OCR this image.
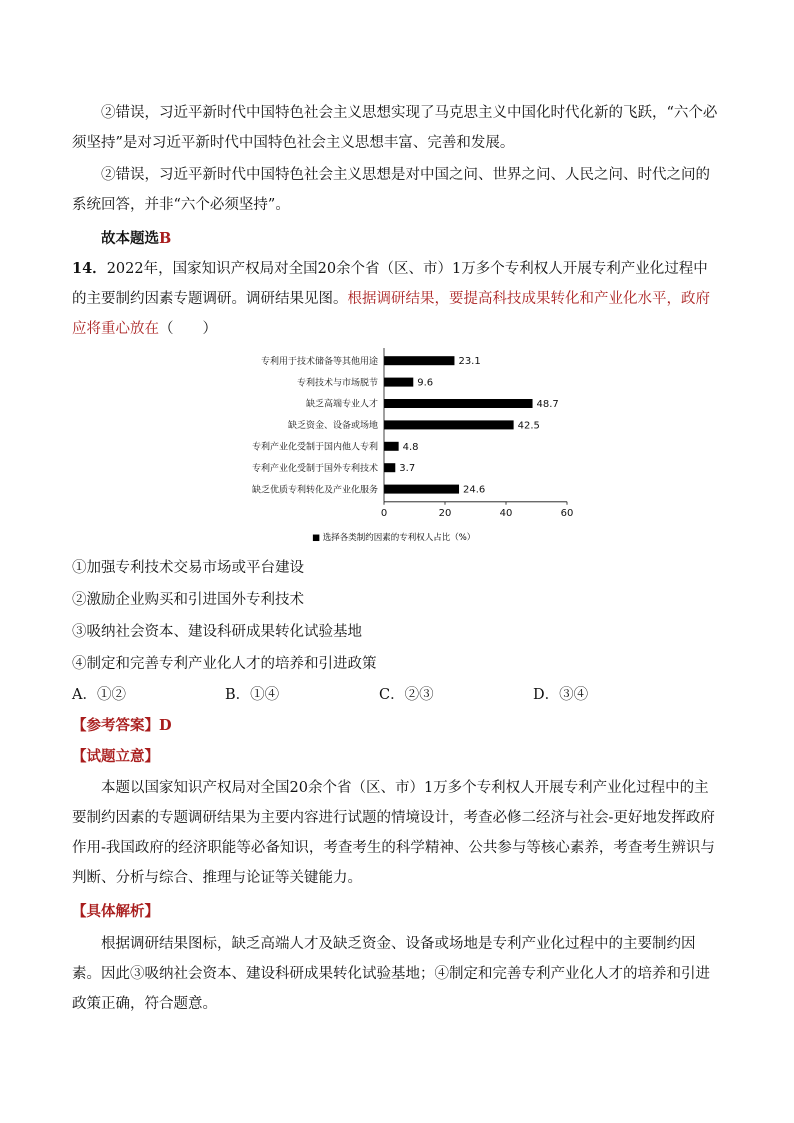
②错误，习近平新时代中国特色社会主义思想实现了马克思主义中国化时代化新的飞跃，“六个必须坚持”是对习近平新时代中国特色社会主义思想丰富、完善和发展。

②错误，习近平新时代中国特色社会主义思想是对中国之问、世界之问、人民之问、时代之问的系统回答，并非“六个必须坚持”。

故本题选B

14．2022年，国家知识产权局对全国20余个省（区、市）1万多个专利权人开展专利产业化过程中的主要制约因素专题调研。调研结果见图。根据调研结果，要提高科技成果转化和产业化水平，政府应将重心放在（　　）

专利用于技术储备等其他用途
专利技术与市场脱节
缺乏高端专业人才
缺乏资金、设备或场地
专利产业化受制于国内他人专利
专利产业化受制于国外专利技术
缺乏优质专利转化及产业化服务
23.1
9.6
48.7
42.5
4.8
3.7
24.6
0	20	40	60
■ 选择各类制约因素的专利权人占比（%）

①加强专利技术交易市场或平台建设

②激励企业购买和引进国外专利技术

③吸纳社会资本、建设科研成果转化试验基地

④制定和完善专利产业化人才的培养和引进政策

A．①②	B．①④	C．②③	D．③④

【参考答案】D

【试题立意】

本题以国家知识产权局对全国20余个省（区、市）1万多个专利权人开展专利产业化过程中的主要制约因素的专题调研结果为主要内容进行试题的情境设计，考查必修二经济与社会-更好地发挥政府作用-我国政府的经济职能等必备知识，考查考生的科学精神、公共参与等核心素养，考查考生辨识与判断、分析与综合、推理与论证等关键能力。

【具体解析】

根据调研结果图标，缺乏高端人才及缺乏资金、设备或场地是专利产业化过程中的主要制约因素。因此③吸纳社会资本、建设科研成果转化试验基地；④制定和完善专利产业化人才的培养和引进政策正确，符合题意。
